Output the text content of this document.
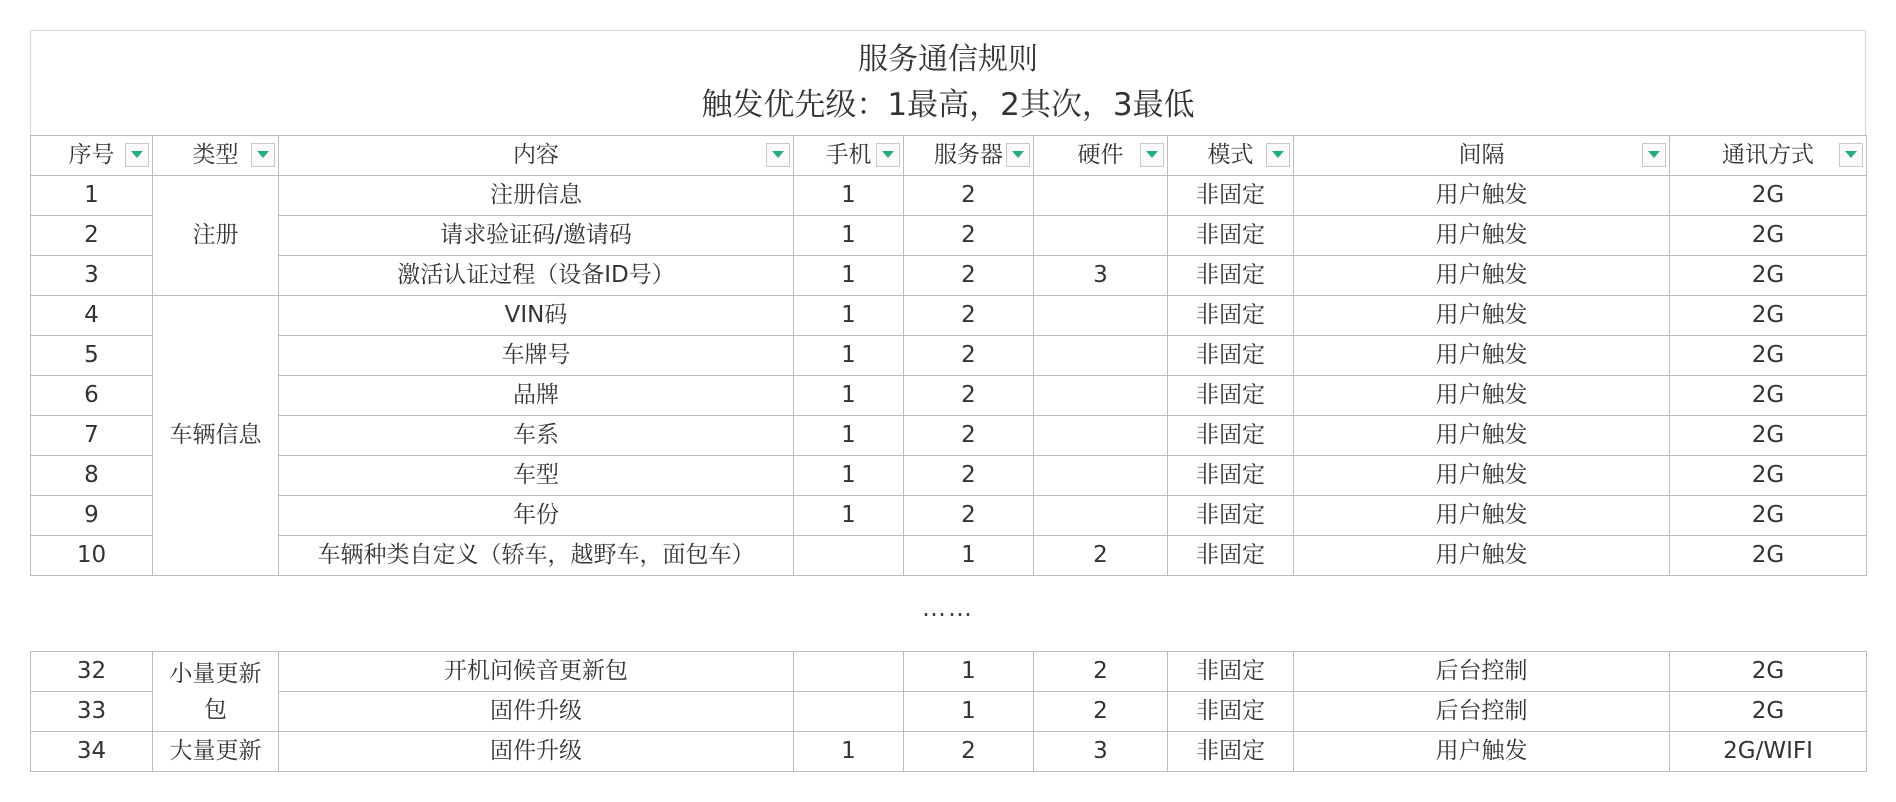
服务通信规则
触发优先级：1最高，2其次，3最低
序号	类型	内容	手机	服务器	硬件	模式	间隔	通讯方式

1	注册	注册信息	1	2		非固定	用户触发	2G
2		请求验证码/邀请码	1	2		非固定	用户触发	2G
3		激活认证过程（设备ID号）	1	2	3	非固定	用户触发	2G
4	车辆信息	VIN码	1	2		非固定	用户触发	2G
5		车牌号	1	2		非固定	用户触发	2G
6		品牌	1	2		非固定	用户触发	2G
7		车系	1	2		非固定	用户触发	2G
8		车型	1	2		非固定	用户触发	2G
9		年份	1	2		非固定	用户触发	2G
10		车辆种类自定义（轿车，越野车，面包车）		1	2	非固定	用户触发	2G
……
32	小量更新包	开机问候音更新包		1	2	非固定	后台控制	2G
33		固件升级		1	2	非固定	后台控制	2G
34	大量更新	固件升级	1	2	3	非固定	用户触发	2G/WIFI
